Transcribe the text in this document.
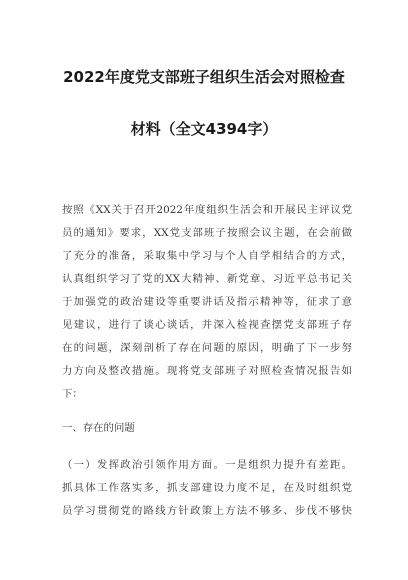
2022年度党支部班子组织生活会对照检查
材料（全文4394字）
按照《XX关于召开2022年度组织生活会和开展民主评议党
员的通知》要求，XX党支部班子按照会议主题，在会前做
了充分的准备，采取集中学习与个人自学相结合的方式，
认真组织学习了党的XX大精神、新党章、习近平总书记关
于加强党的政治建设等重要讲话及指示精神等，征求了意
见建议，进行了谈心谈话，并深入检视查摆党支部班子存
在的问题，深刻剖析了存在问题的原因，明确了下一步努
力方向及整改措施。现将党支部班子对照检查情况报告如
下：
一、存在的问题
（一）发挥政治引领作用方面。一是组织力提升有差距。
抓具体工作落实多，抓支部建设力度不足，在及时组织党
员学习贯彻党的路线方针政策上方法不够多、步伐不够快
